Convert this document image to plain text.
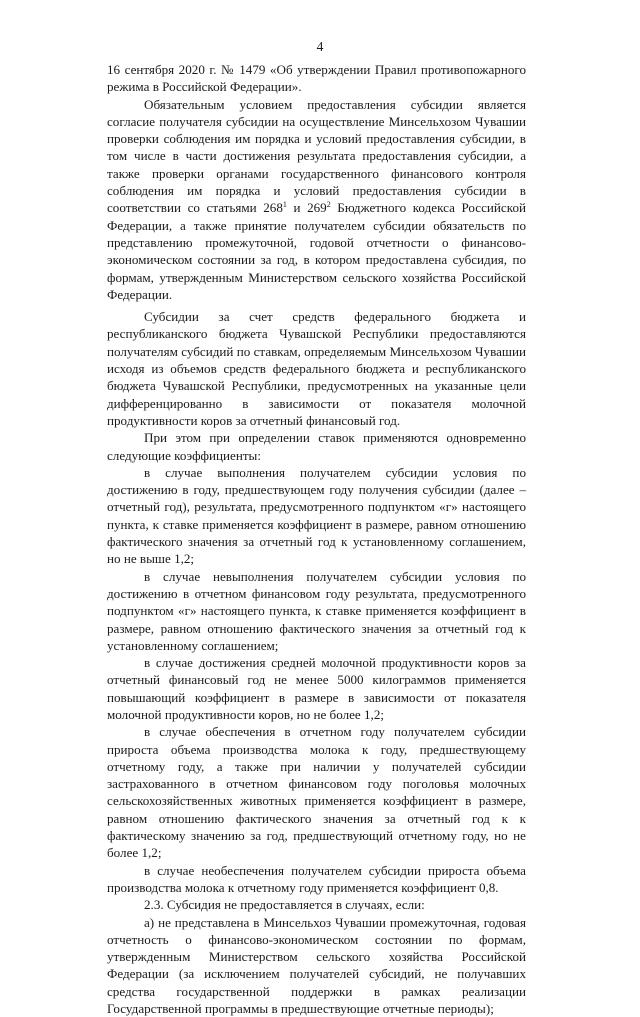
4

16 сентября 2020 г. № 1479 «Об утверждении Правил противопожарного режима в Российской Федерации».

Обязательным условием предоставления субсидии является согласие получателя субсидии на осуществление Минсельхозом Чувашии проверки соблюдения им порядка и условий предоставления субсидии, в том числе в части достижения результата предоставления субсидии, а также проверки органами государственного финансового контроля соблюдения им порядка и условий предоставления субсидии в соответствии со статьями $268^1$ и $269^2$ Бюджетного кодекса Российской Федерации, а также принятие получателем субсидии обязательств по представлению промежуточной, годовой отчетности о финансово-экономическом состоянии за год, в котором предоставлена субсидия, по формам, утвержденным Министерством сельского хозяйства Российской Федерации.

Субсидии за счет средств федерального бюджета и республиканского бюджета Чувашской Республики предоставляются получателям субсидий по ставкам, определяемым Минсельхозом Чувашии исходя из объемов средств федерального бюджета и республиканского бюджета Чувашской Республики, предусмотренных на указанные цели дифференцированно в зависимости от показателя молочной продуктивности коров за отчетный финансовый год.

При этом при определении ставок применяются одновременно следующие коэффициенты:

в случае выполнения получателем субсидии условия по достижению в году, предшествующем году получения субсидии (далее – отчетный год), результата, предусмотренного подпунктом «г» настоящего пункта, к ставке применяется коэффициент в размере, равном отношению фактического значения за отчетный год к установленному соглашением, но не выше 1,2;

в случае невыполнения получателем субсидии условия по достижению в отчетном финансовом году результата, предусмотренного подпунктом «г» настоящего пункта, к ставке применяется коэффициент в размере, равном отношению фактического значения за отчетный год к установленному соглашением;

в случае достижения средней молочной продуктивности коров за отчетный финансовый год не менее 5000 килограммов применяется повышающий коэффициент в размере в зависимости от показателя молочной продуктивности коров, но не более 1,2;

в случае обеспечения в отчетном году получателем субсидии прироста объема производства молока к году, предшествующему отчетному году, а также при наличии у получателей субсидии застрахованного в отчетном финансовом году поголовья молочных сельскохозяйственных животных применяется коэффициент в размере, равном отношению фактического значения за отчетный год к к фактическому значению за год, предшествующий отчетному году, но не более 1,2;

в случае необеспечения получателем субсидии прироста объема производства молока к отчетному году применяется коэффициент 0,8.

2.3. Субсидия не предоставляется в случаях, если:

а) не представлена в Минсельхоз Чувашии промежуточная, годовая отчетность о финансово-экономическом состоянии по формам, утвержденным Министерством сельского хозяйства Российской Федерации (за исключением получателей субсидий, не получавших средства государственной поддержки в рамках реализации Государственной программы в предшествующие отчетные периоды);
